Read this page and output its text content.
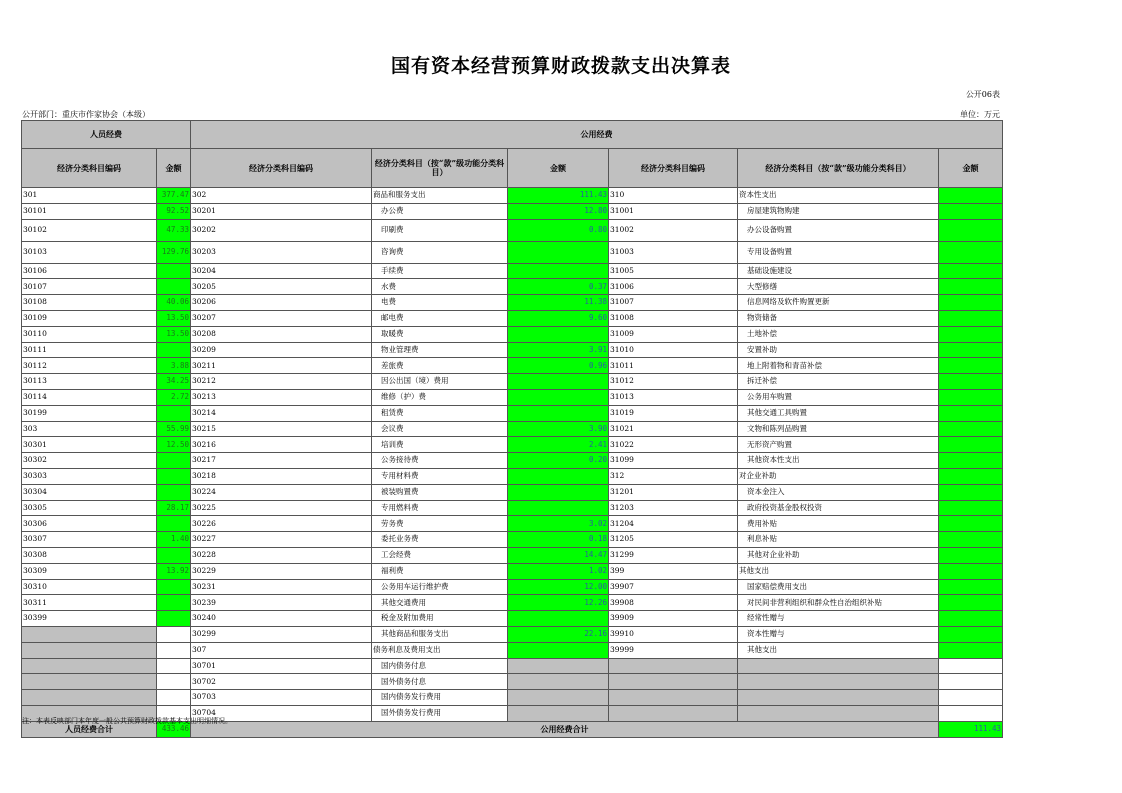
国有资本经营预算财政拨款支出决算表
公开06表
公开部门：重庆市作家协会（本级）	单位：万元
人员经费		公用经费					
经济分类科目编码	金额	经济分类科目编码	经济分类科目（按“款”级功能分类科目）	金额	经济分类科目编码	经济分类科目（按“款”级功能分类科目）	金额
301	377.47	302	商品和服务支出	111.43	310	资本性支出	
30101	92.52	30201	办公费	12.80	31001	房屋建筑物购建	
30102	47.33	30202	印刷费	0.80	31002	办公设备购置	
30103	129.76	30203	咨询费		31003	专用设备购置	
30106		30204	手续费		31005	基础设施建设	
30107		30205	水费	0.37	31006	大型修缮	
30108	40.06	30206	电费	11.38	31007	信息网络及软件购置更新	
30109	13.50	30207	邮电费	9.60	31008	物资储备	
30110	13.50	30208	取暖费		31009	土地补偿	
30111		30209	物业管理费	3.91	31010	安置补助	
30112	3.88	30211	差旅费	0.96	31011	地上附着物和青苗补偿	
30113	34.25	30212	因公出国（境）费用		31012	拆迁补偿	
30114	2.72	30213	维修（护）费		31013	公务用车购置	
30199		30214	租赁费		31019	其他交通工具购置	
303	55.99	30215	会议费	3.90	31021	文物和陈列品购置	
30301	12.50	30216	培训费	2.41	31022	无形资产购置	
30302		30217	公务接待费	0.20	31099	其他资本性支出	
30303		30218	专用材料费		312	对企业补助	
30304		30224	被装购置费		31201	资本金注入	
30305	28.17	30225	专用燃料费		31203	政府投资基金股权投资	
30306		30226	劳务费	3.02	31204	费用补贴	
30307	1.40	30227	委托业务费	0.18	31205	利息补贴	
30308		30228	工会经费	14.47	31299	其他对企业补助	
30309	13.92	30229	福利费	1.02	399	其他支出	
30310		30231	公务用车运行维护费	12.00	39907	国家赔偿费用支出	
30311		30239	其他交通费用	12.26	39908	对民间非营利组织和群众性自治组织补贴	
30399		30240	税金及附加费用		39909	经常性赠与	
		30299	其他商品和服务支出	22.16	39910	资本性赠与	
		307	债务利息及费用支出		39999	其他支出	
		30701	国内债务付息				
		30702	国外债务付息				
		30703	国内债务发行费用				
		30704	国外债务发行费用				
人员经费合计	433.46	公用经费合计					111.43
注：本表反映部门本年度一般公共预算财政拨款基本支出明细情况。
